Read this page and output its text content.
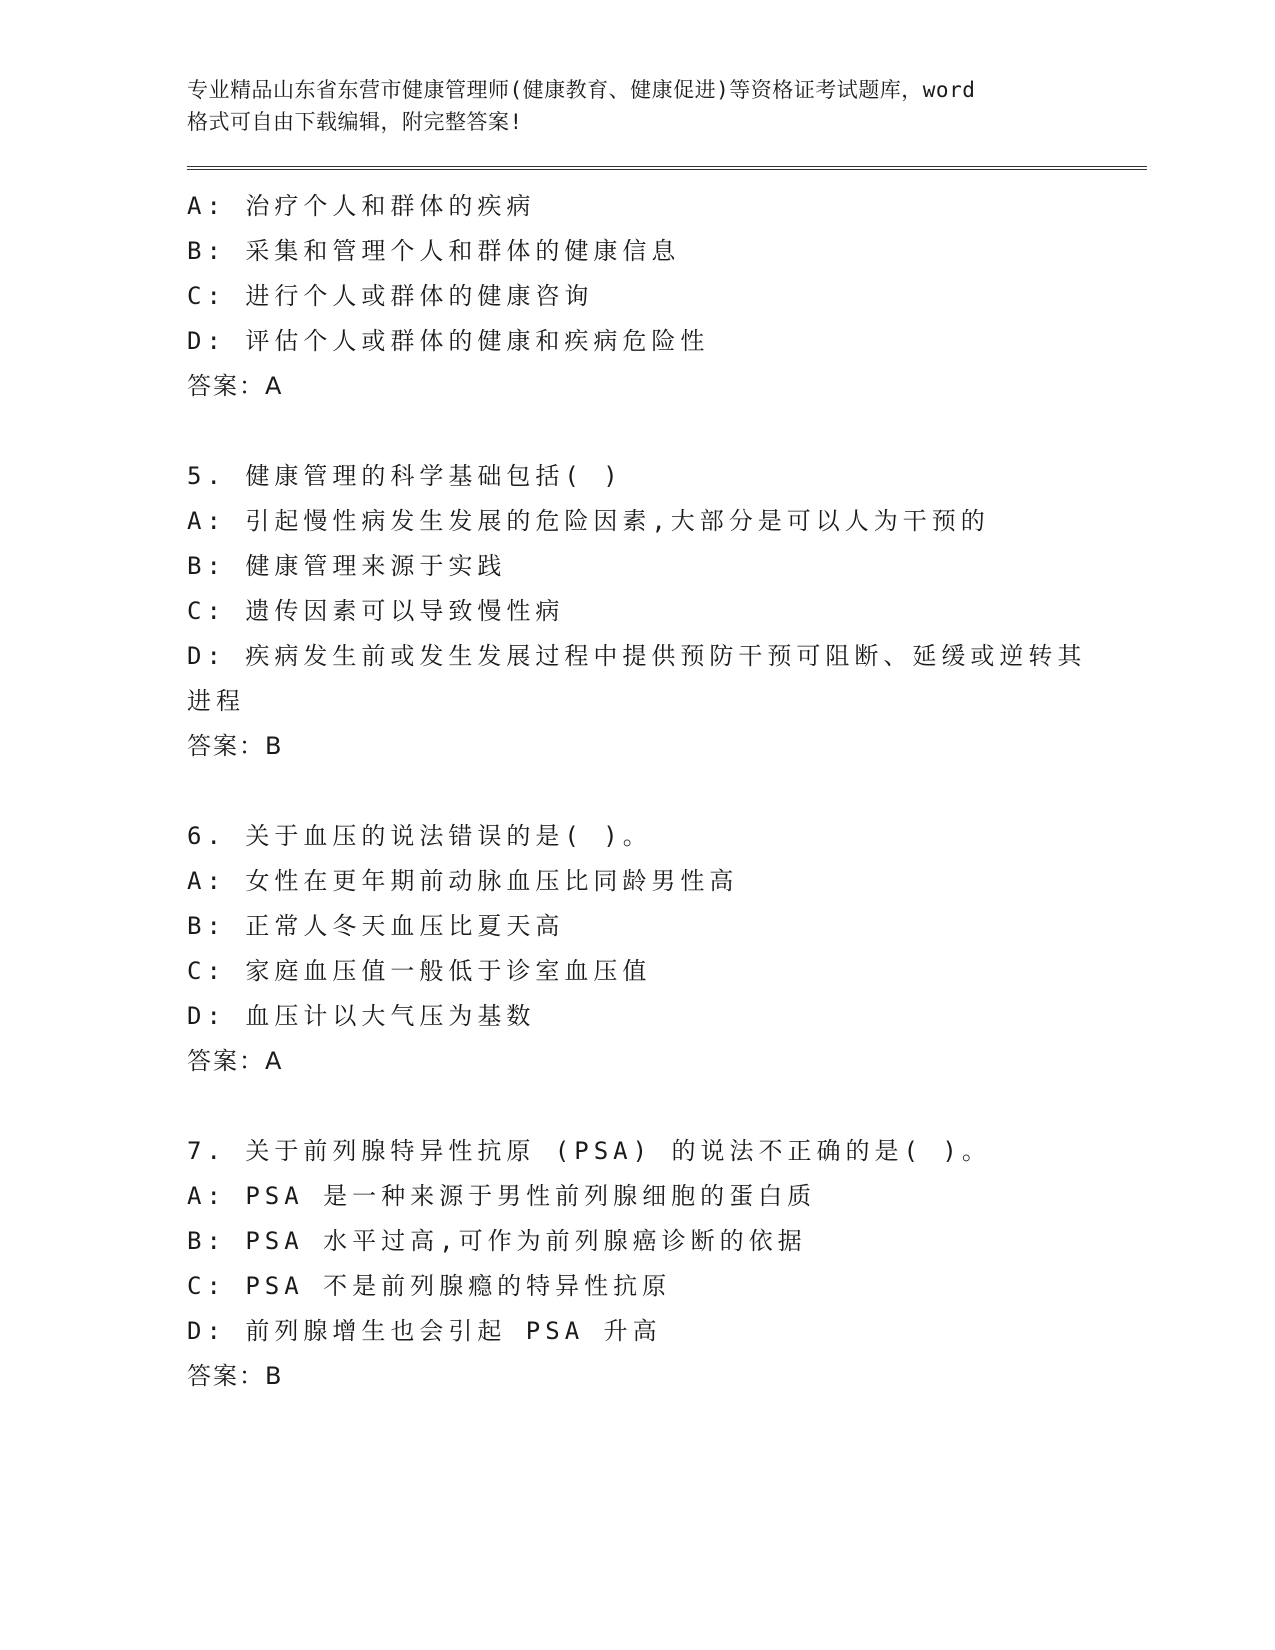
专业精品山东省东营市健康管理师(健康教育、健康促进)等资格证考试题库，word
格式可自由下载编辑，附完整答案!
A: 治疗个人和群体的疾病
B: 采集和管理个人和群体的健康信息
C: 进行个人或群体的健康咨询
D: 评估个人或群体的健康和疾病危险性
答案：A
5. 健康管理的科学基础包括( )
A: 引起慢性病发生发展的危险因素,大部分是可以人为干预的
B: 健康管理来源于实践
C: 遗传因素可以导致慢性病
D: 疾病发生前或发生发展过程中提供预防干预可阻断、延缓或逆转其
进程
答案：B
6. 关于血压的说法错误的是( )。
A: 女性在更年期前动脉血压比同龄男性高
B: 正常人冬天血压比夏天高
C: 家庭血压值一般低于诊室血压值
D: 血压计以大气压为基数
答案：A
7. 关于前列腺特异性抗原 (PSA) 的说法不正确的是( )。
A: PSA 是一种来源于男性前列腺细胞的蛋白质
B: PSA 水平过高,可作为前列腺癌诊断的依据
C: PSA 不是前列腺瘾的特异性抗原
D: 前列腺增生也会引起 PSA 升高
答案：B
